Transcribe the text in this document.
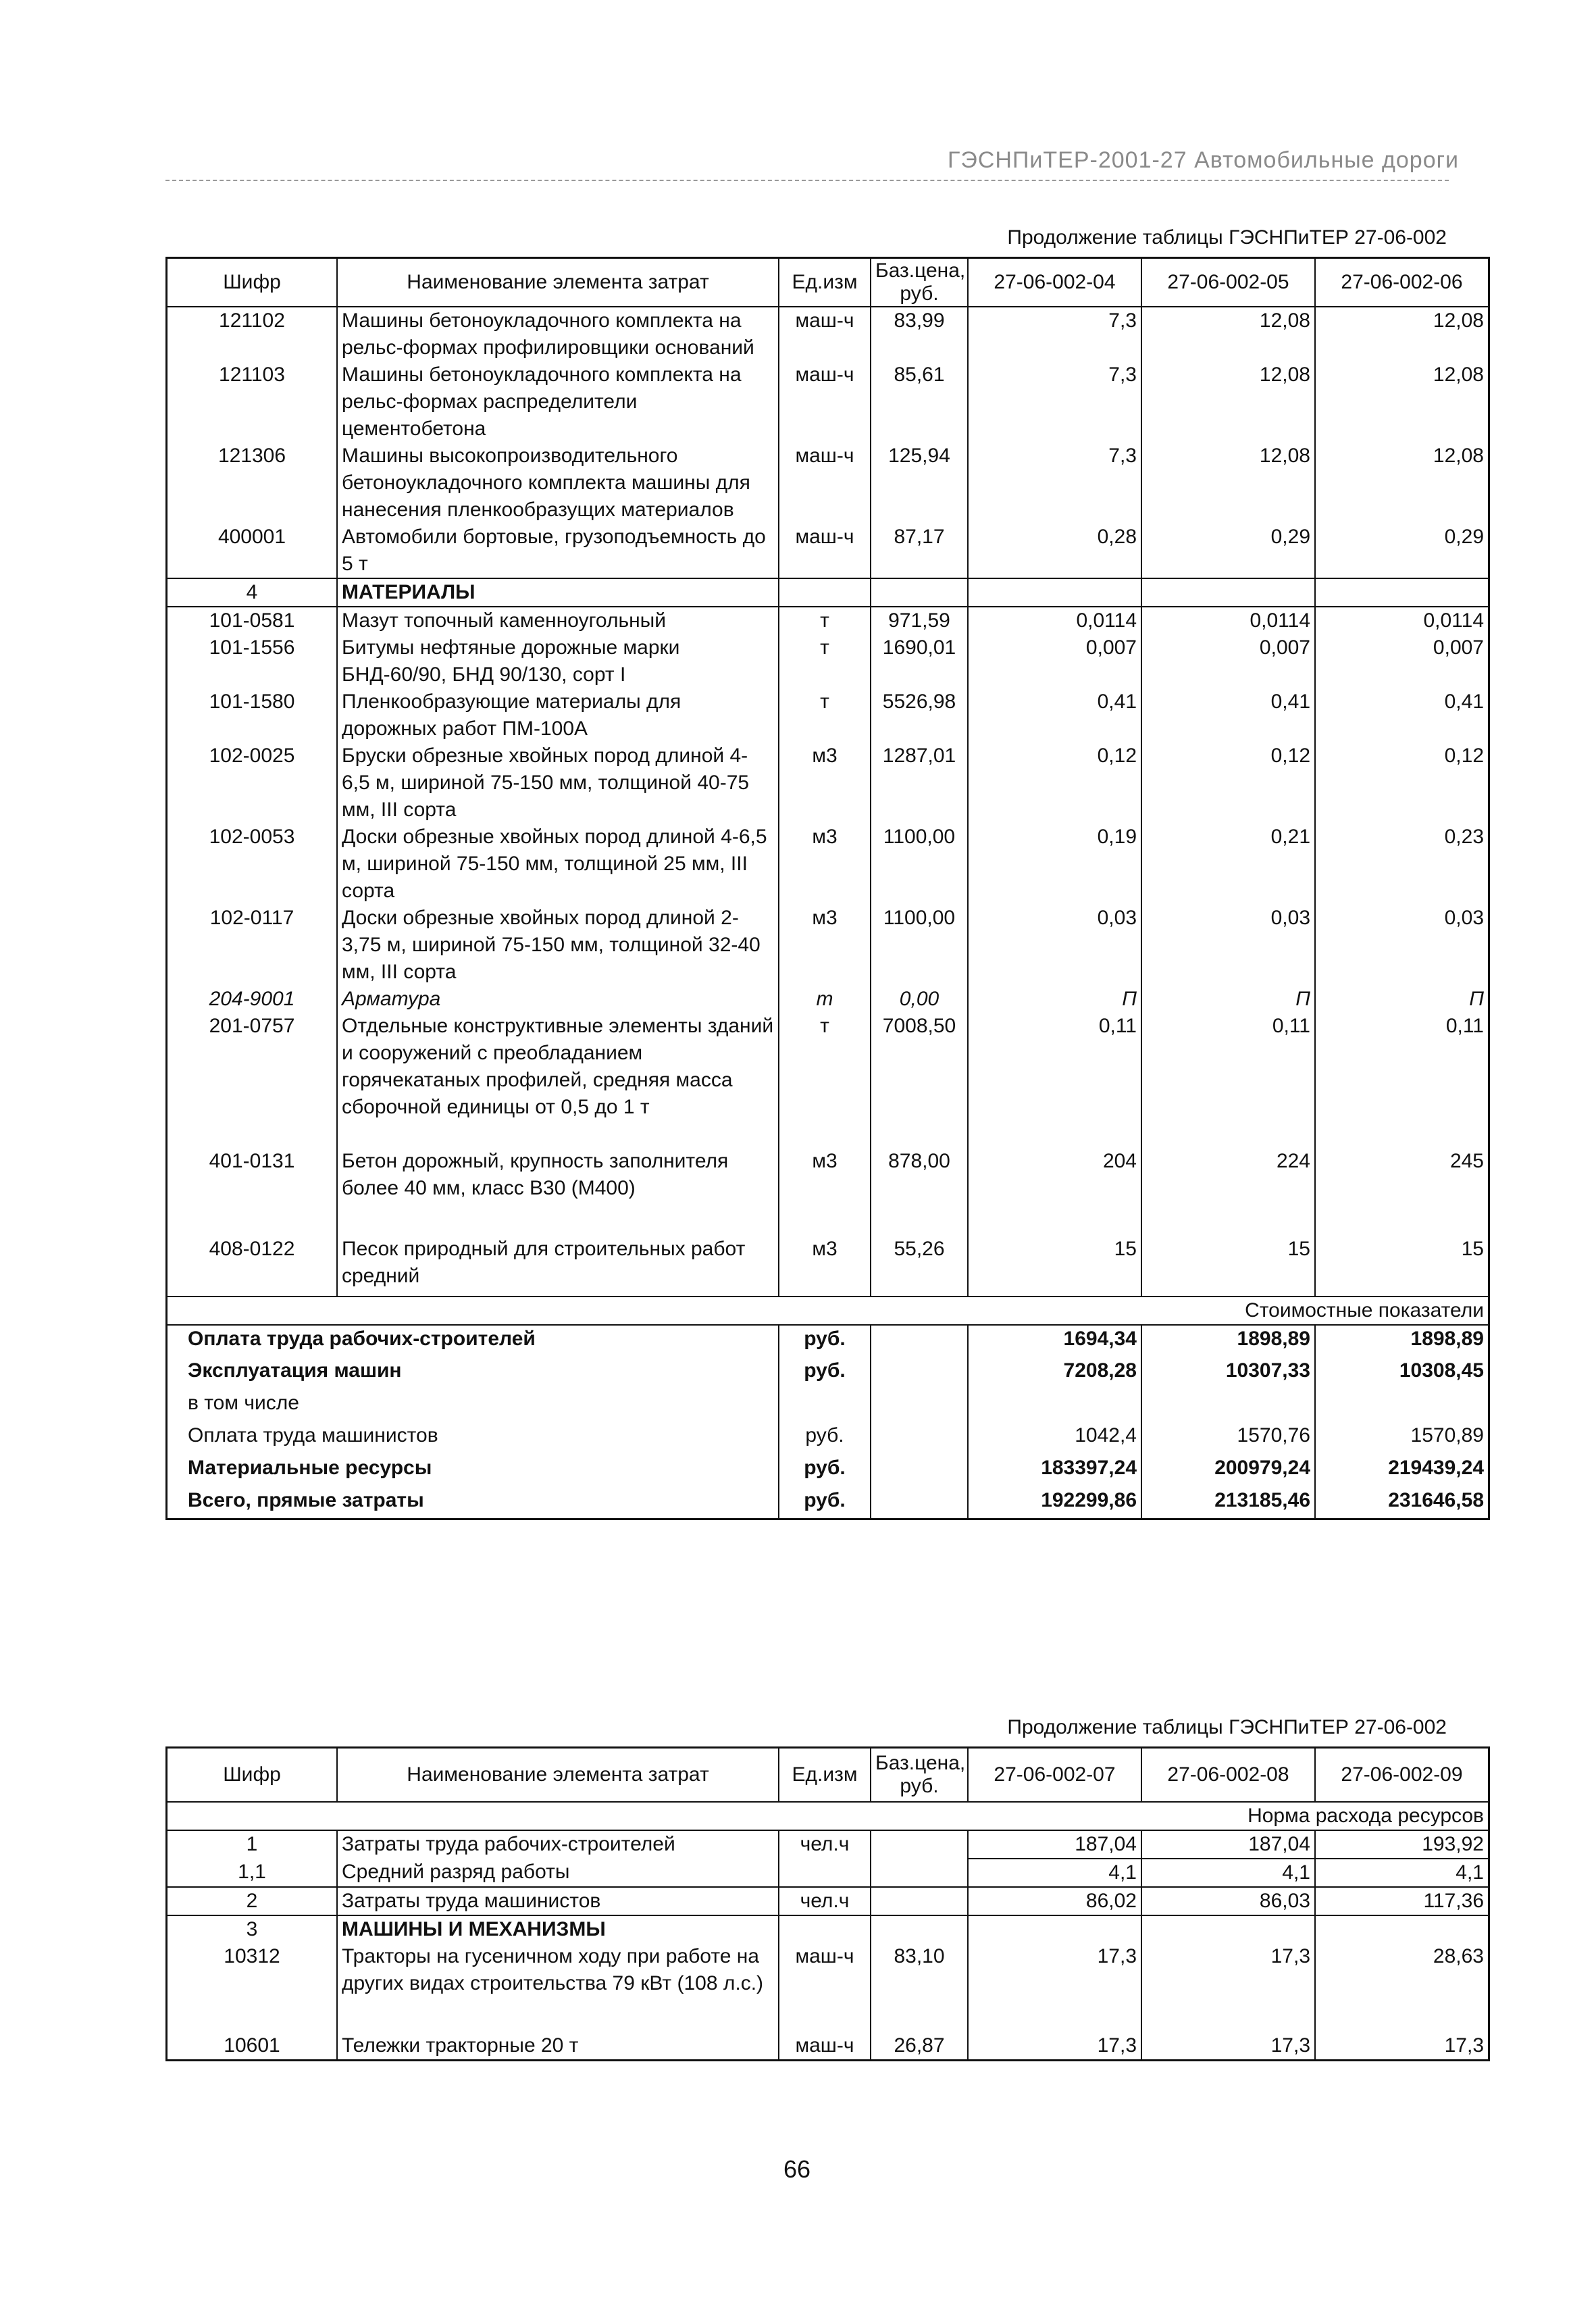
ГЭСНПиТЕР-2001-27 Автомобильные дороги
Продолжение таблицы ГЭСНПиТЕР 27-06-002
Шифр	Наименование элемента затрат	Ед.изм	Баз.цена, руб.	27-06-002-04	27-06-002-05	27-06-002-06
121102	Машины бетоноукладочного комплекта на рельс-формах профилировщики оснований	маш-ч	83,99	7,3	12,08	12,08
121103	Машины бетоноукладочного комплекта на рельс-формах распределители цементобетона	маш-ч	85,61	7,3	12,08	12,08
121306	Машины высокопроизводительного бетоноукладочного комплекта машины для нанесения пленкообразущих материалов	маш-ч	125,94	7,3	12,08	12,08
400001	Автомобили бортовые, грузоподъемность до 5 т	маш-ч	87,17	0,28	0,29	0,29
4	МАТЕРИАЛЫ					
101-0581	Мазут топочный каменноугольный	т	971,59	0,0114	0,0114	0,0114
101-1556	Битумы нефтяные дорожные марки БНД-60/90, БНД 90/130, сорт I	т	1690,01	0,007	0,007	0,007
101-1580	Пленкообразующие материалы для дорожных работ ПМ-100А	т	5526,98	0,41	0,41	0,41
102-0025	Бруски обрезные хвойных пород длиной 4-6,5 м, шириной 75-150 мм, толщиной 40-75 мм, III сорта	м3	1287,01	0,12	0,12	0,12
102-0053	Доски обрезные хвойных пород длиной 4-6,5 м, шириной 75-150 мм, толщиной 25 мм, III сорта	м3	1100,00	0,19	0,21	0,23
102-0117	Доски обрезные хвойных пород длиной 2-3,75 м, шириной 75-150 мм, толщиной 32-40 мм, III сорта	м3	1100,00	0,03	0,03	0,03
204-9001	Арматура	т	0,00	П	П	П
201-0757	Отдельные конструктивные элементы зданий и сооружений с преобладанием горячекатаных профилей, средняя масса сборочной единицы от 0,5 до 1 т	т	7008,50	0,11	0,11	0,11
401-0131	Бетон дорожный, крупность заполнителя более 40 мм, класс В30 (М400)	м3	878,00	204	224	245
408-0122	Песок природный для строительных работ средний	м3	55,26	15	15	15
Стоимостные показатели						
Оплата труда рабочих-строителей		руб.		1694,34	1898,89	1898,89
Эксплуатация машин		руб.		7208,28	10307,33	10308,45
в том числе						
Оплата труда машинистов		руб.		1042,4	1570,76	1570,89
Материальные ресурсы		руб.		183397,24	200979,24	219439,24
Всего, прямые затраты		руб.		192299,86	213185,46	231646,58
Продолжение таблицы ГЭСНПиТЕР 27-06-002
Шифр	Наименование элемента затрат	Ед.изм	Баз.цена, руб.	27-06-002-07	27-06-002-08	27-06-002-09
Норма расхода ресурсов						
1	Затраты труда рабочих-строителей	чел.ч		187,04	187,04	193,92
1,1	Средний разряд работы			4,1	4,1	4,1
2	Затраты труда машинистов	чел.ч		86,02	86,03	117,36
3	МАШИНЫ И МЕХАНИЗМЫ					
10312	Тракторы на гусеничном ходу при работе на других видах строительства 79 кВт (108 л.с.)	маш-ч	83,10	17,3	17,3	28,63
10601	Тележки тракторные 20 т	маш-ч	26,87	17,3	17,3	17,3
66
